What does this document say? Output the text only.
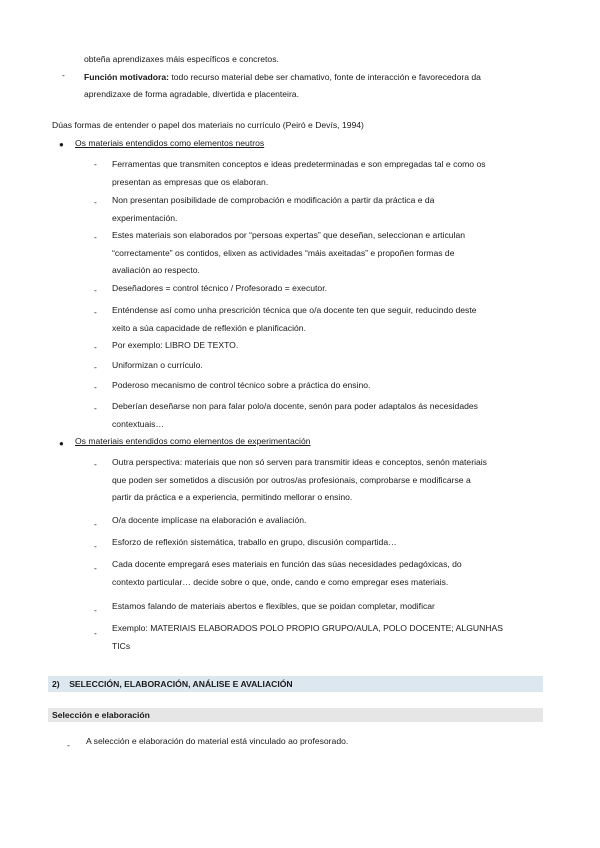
obteña aprendizaxes máis específicos e concretos.
-	Función motivadora: todo recurso material debe ser chamativo, fonte de interacción e favorecedora da
aprendizaxe de forma agradable, divertida e placenteira.
Dúas formas de entender o papel dos materiais no currículo (Peiró e Devís, 1994)
● Os materiais entendidos como elementos neutros
-	Ferramentas que transmiten conceptos e ideas predeterminadas e son empregadas tal e como os
presentan as empresas que os elaboran.
-	Non presentan posibilidade de comprobación e modificación a partir da práctica e da
experimentación.
-	Estes materiais son elaborados por “persoas expertas” que deseñan, seleccionan e articulan
“correctamente” os contidos, elixen as actividades “máis axeitadas” e propoñen formas de
avaliación ao respecto.
-	Deseñadores = control técnico / Profesorado = executor.
-	Enténdense así como unha prescrición técnica que o/a docente ten que seguir, reducindo deste
xeito a súa capacidade de reflexión e planificación.
-	Por exemplo: LIBRO DE TEXTO.
-	Uniformizan o currículo.
-	Poderoso mecanismo de control técnico sobre a práctica do ensino.
-	Deberían deseñarse non para falar polo/a docente, senón para poder adaptalos ás necesidades
contextuais…
● Os materiais entendidos como elementos de experimentación
-	Outra perspectiva: materiais que non só serven para transmitir ideas e conceptos, senón materiais
que poden ser sometidos a discusión por outros/as profesionais, comprobarse e modificarse a
partir da práctica e a experiencia, permitindo mellorar o ensino.
-	O/a docente implícase na elaboración e avaliación.
-	Esforzo de reflexión sistemática, traballo en grupo, discusión compartida…
-	Cada docente empregará eses materiais en función das súas necesidades pedagóxicas, do
contexto particular… decide sobre o que, onde, cando e como empregar eses materiais.
-	Estamos falando de materiais abertos e flexibles, que se poidan completar, modificar
-	Exemplo: MATERIAIS ELABORADOS POLO PROPIO GRUPO/AULA, POLO DOCENTE; ALGUNHAS
TICs
2)    SELECCIÓN, ELABORACIÓN, ANÁLISE E AVALIACIÓN
Selección e elaboración
-	A selección e elaboración do material está vinculado ao profesorado.
